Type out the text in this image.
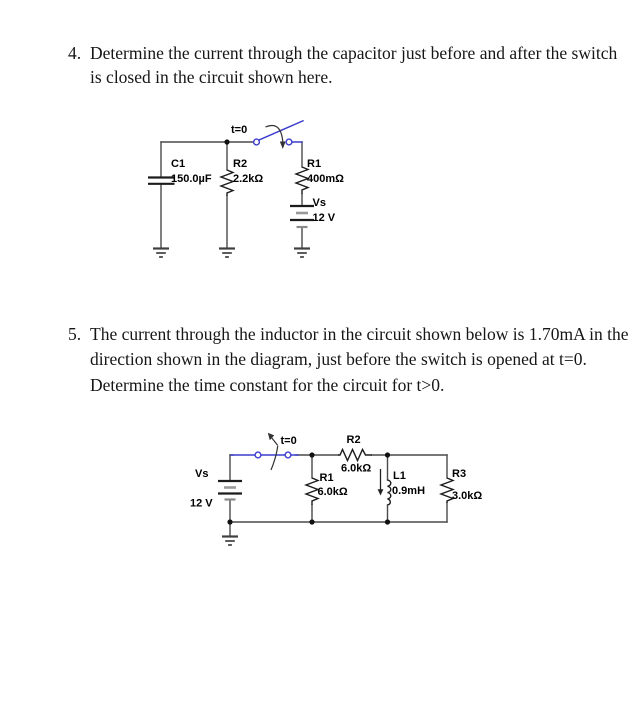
4. Determine the current through the capacitor just before and after the switch
is closed in the circuit shown here.
t=0
C1
150.0µF
R2
2.2kΩ
R1
400mΩ
Vs
12 V
5. The current through the inductor in the circuit shown below is 1.70mA in the
direction shown in the diagram, just before the switch is opened at t=0.
Determine the time constant for the circuit for t>0.
t=0
Vs
12 V
R1
6.0kΩ
R2
6.0kΩ
L1
0.9mH
R3
3.0kΩ
